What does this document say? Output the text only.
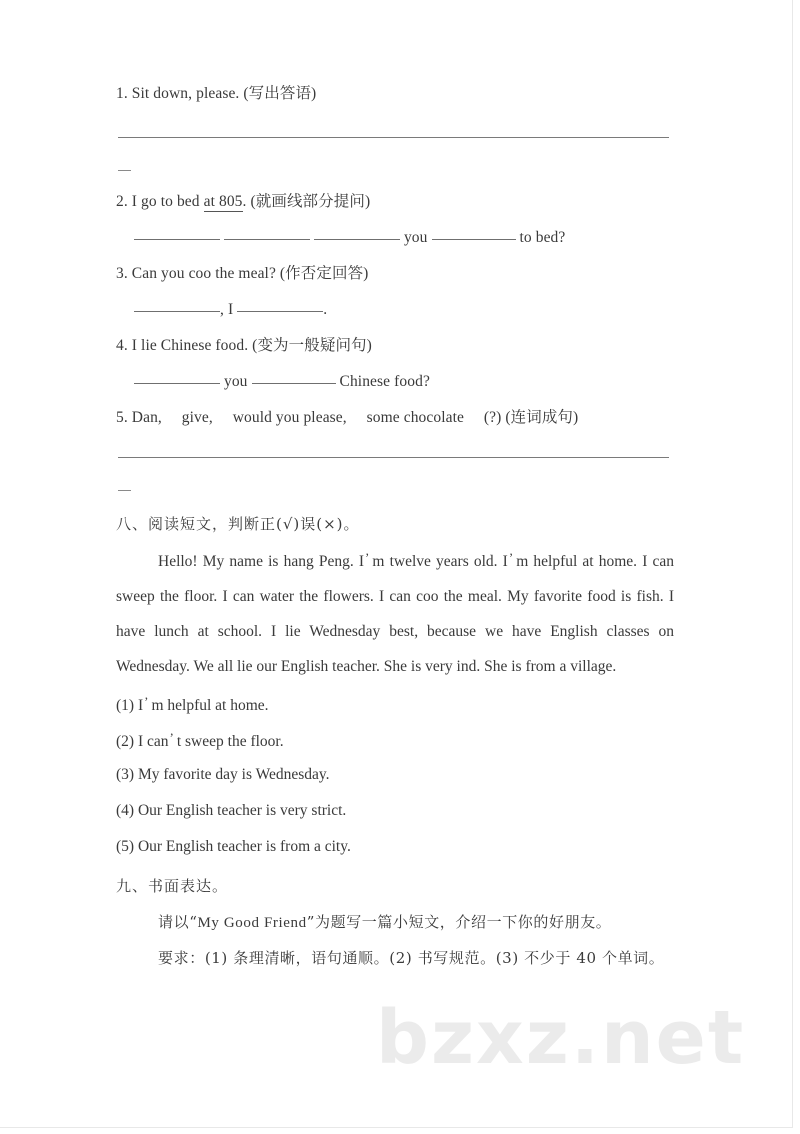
1. Sit down, please. (写出答语)
2. I go to bed at 805. (就画线部分提问)
you	to bed?
3. Can you coo the meal? (作否定回答)
, I	.
4. I lie Chinese food. (变为一般疑问句)
you	Chinese food?
5. Dan,     give,     would you please,     some chocolate     (?) (连词成句)
八、阅读短文，判断正(√)误(×)。
Hello! My name is hang Peng. I’ m twelve years old. I’ m helpful at home. I can sweep the floor. I can water the flowers. I can coo the meal. My favorite food is fish. I have lunch at school. I lie Wednesday best, because we have English classes on Wednesday. We all lie our English teacher. She is very ind. She is from a village.
(1) I’ m helpful at home.
(2) I can’ t sweep the floor.
(3) My favorite day is Wednesday.
(4) Our English teacher is very strict.
(5) Our English teacher is from a city.
九、书面表达。
请以“My Good Friend”为题写一篇小短文，介绍一下你的好朋友。
要求：(1) 条理清晰，语句通顺。(2) 书写规范。(3) 不少于 40 个单词。
bzxz.net
